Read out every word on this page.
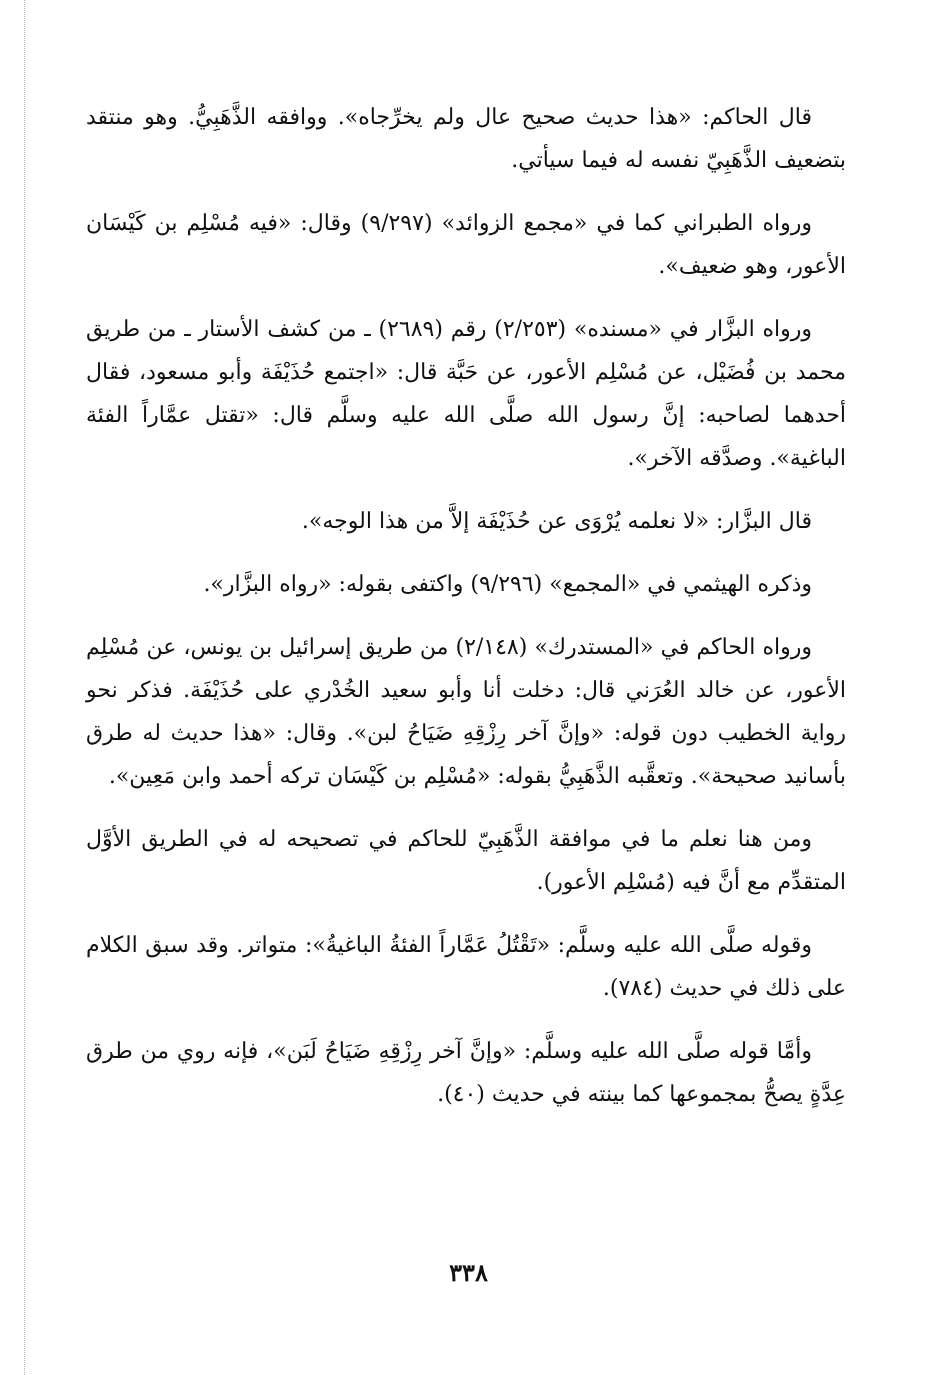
قال الحاكم: «هذا حديث صحيح عال ولم يخرِّجاه». ووافقه الذَّهَبِيُّ. وهو منتقد بتضعيف الذَّهَبِيّ نفسه له فيما سيأتي.

ورواه الطبراني كما في «مجمع الزوائد» (٩/٢٩٧) وقال: «فيه مُسْلِم بن كَيْسَان الأعور، وهو ضعيف».

ورواه البزَّار في «مسنده» (٢/٢٥٣) رقم (٢٦٨٩) ـ من كشف الأستار ـ من طريق محمد بن فُضَيْل، عن مُسْلِم الأعور، عن حَبَّة قال: «اجتمع حُذَيْفَة وأبو مسعود، فقال أحدهما لصاحبه: إنَّ رسول الله صلَّى الله عليه وسلَّم قال: «تقتل عمَّاراً الفئة الباغية». وصدَّقه الآخر».

قال البزَّار: «لا نعلمه يُرْوَى عن حُذَيْفَة إلاَّ من هذا الوجه».

وذكره الهيثمي في «المجمع» (٩/٢٩٦) واكتفى بقوله: «رواه البزَّار».

ورواه الحاكم في «المستدرك» (٢/١٤٨) من طريق إسرائيل بن يونس، عن مُسْلِم الأعور، عن خالد العُرَني قال: دخلت أنا وأبو سعيد الخُدْري على حُذَيْفَة. فذكر نحو رواية الخطيب دون قوله: «وإنَّ آخر رِزْقِهِ ضَيَاحُ لبن». وقال: «هذا حديث له طرق بأسانيد صحيحة». وتعقَّبه الذَّهَبِيُّ بقوله: «مُسْلِم بن كَيْسَان تركه أحمد وابن مَعِين».

ومن هنا نعلم ما في موافقة الذَّهَبِيّ للحاكم في تصحيحه له في الطريق الأوَّل المتقدِّم مع أنَّ فيه (مُسْلِم الأعور).

وقوله صلَّى الله عليه وسلَّم: «تَقْتُلُ عَمَّاراً الفئةُ الباغيةُ»: متواتر. وقد سبق الكلام على ذلك في حديث (٧٨٤).

وأمَّا قوله صلَّى الله عليه وسلَّم: «وإنَّ آخر رِزْقِهِ ضَيَاحُ لَبَن»، فإنه روي من طرق عِدَّةٍ يصحُّ بمجموعها كما بينته في حديث (٤٠).

٣٣٨
